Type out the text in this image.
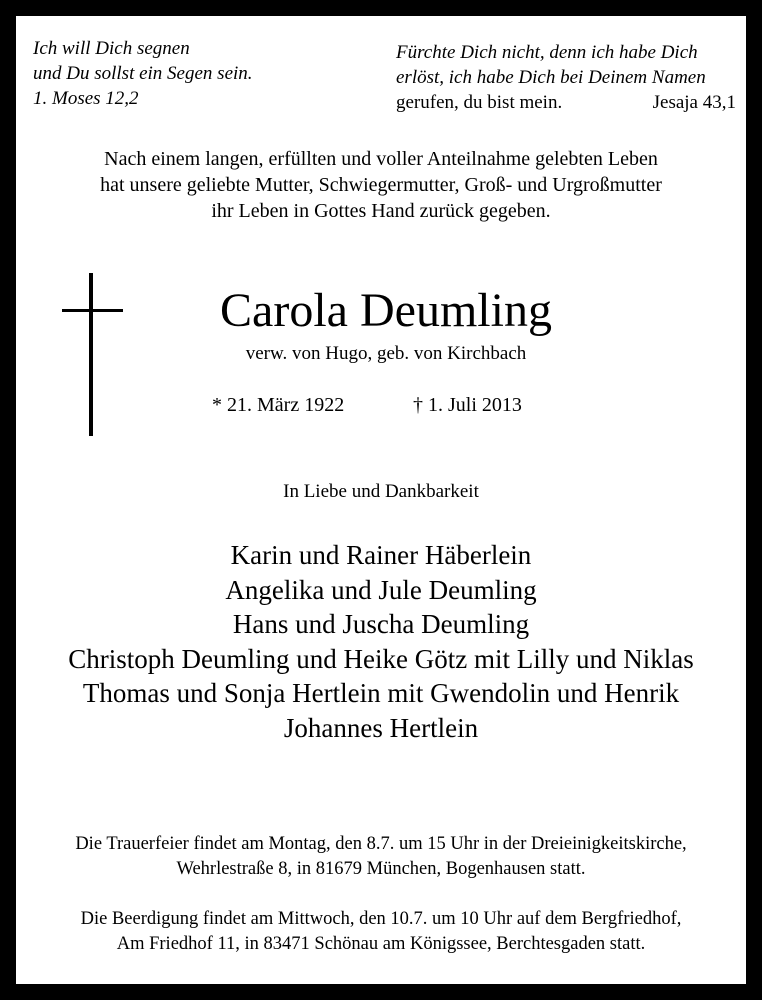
Ich will Dich segnen
und Du sollst ein Segen sein.
1. Moses 12,2
Fürchte Dich nicht, denn ich habe Dich
erlöst, ich habe Dich bei Deinem Namen
gerufen, du bist mein.	Jesaja 43,1
Nach einem langen, erfüllten und voller Anteilnahme gelebten Leben
hat unsere geliebte Mutter, Schwiegermutter, Groß- und Urgroßmutter
ihr Leben in Gottes Hand zurück gegeben.
Carola Deumling
verw. von Hugo, geb. von Kirchbach
* 21. März 1922	† 1. Juli 2013
In Liebe und Dankbarkeit
Karin und Rainer Häberlein
Angelika und Jule Deumling
Hans und Juscha Deumling
Christoph Deumling und Heike Götz mit Lilly und Niklas
Thomas und Sonja Hertlein mit Gwendolin und Henrik
Johannes Hertlein
Die Trauerfeier findet am Montag, den 8.7. um 15 Uhr in der Dreieinigkeitskirche,
Wehrlestraße 8, in 81679 München, Bogenhausen statt.
Die Beerdigung findet am Mittwoch, den 10.7. um 10 Uhr auf dem Bergfriedhof,
Am Friedhof 11, in 83471 Schönau am Königssee, Berchtesgaden statt.
